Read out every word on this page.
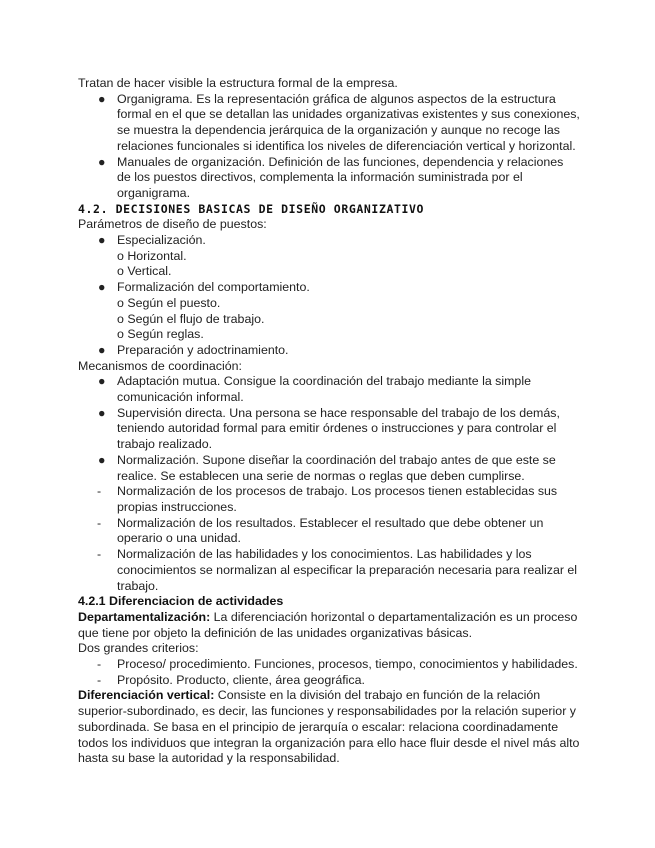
Tratan de hacer visible la estructura formal de la empresa.

● Organigrama. Es la representación gráfica de algunos aspectos de la estructura formal en el que se detallan las unidades organizativas existentes y sus conexiones, se muestra la dependencia jerárquica de la organización y aunque no recoge las relaciones funcionales si identifica los niveles de diferenciación vertical y horizontal.
● Manuales de organización. Definición de las funciones, dependencia y relaciones de los puestos directivos, complementa la información suministrada por el organigrama.
4.2. DECISIONES BASICAS DE DISEÑO ORGANIZATIVO

Parámetros de diseño de puestos:

● Especialización.

o Horizontal.

o Vertical.

● Formalización del comportamiento.

o Según el puesto.

o Según el flujo de trabajo.

o Según reglas.

● Preparación y adoctrinamiento.

Mecanismos de coordinación:

● Adaptación mutua. Consigue la coordinación del trabajo mediante la simple comunicación informal.
● Supervisión directa. Una persona se hace responsable del trabajo de los demás, teniendo autoridad formal para emitir órdenes o instrucciones y para controlar el trabajo realizado.
● Normalización. Supone diseñar la coordinación del trabajo antes de que este se realice. Se establecen una serie de normas o reglas que deben cumplirse.
- Normalización de los procesos de trabajo. Los procesos tienen establecidas sus propias instrucciones.
- Normalización de los resultados. Establecer el resultado que debe obtener un operario o una unidad.
- Normalización de las habilidades y los conocimientos. Las habilidades y los conocimientos se normalizan al especificar la preparación necesaria para realizar el trabajo.

4.2.1 Diferenciacion de actividades

Departamentalización: La diferenciación horizontal o departamentalización es un proceso que tiene por objeto la definición de las unidades organizativas básicas.

Dos grandes criterios:

- Proceso/ procedimiento. Funciones, procesos, tiempo, conocimientos y habilidades.
- Propósito. Producto, cliente, área geográfica.

Diferenciación vertical: Consiste en la división del trabajo en función de la relación superior-subordinado, es decir, las funciones y responsabilidades por la relación superior y subordinada. Se basa en el principio de jerarquía o escalar: relaciona coordinadamente todos los individuos que integran la organización para ello hace fluir desde el nivel más alto hasta su base la autoridad y la responsabilidad.
